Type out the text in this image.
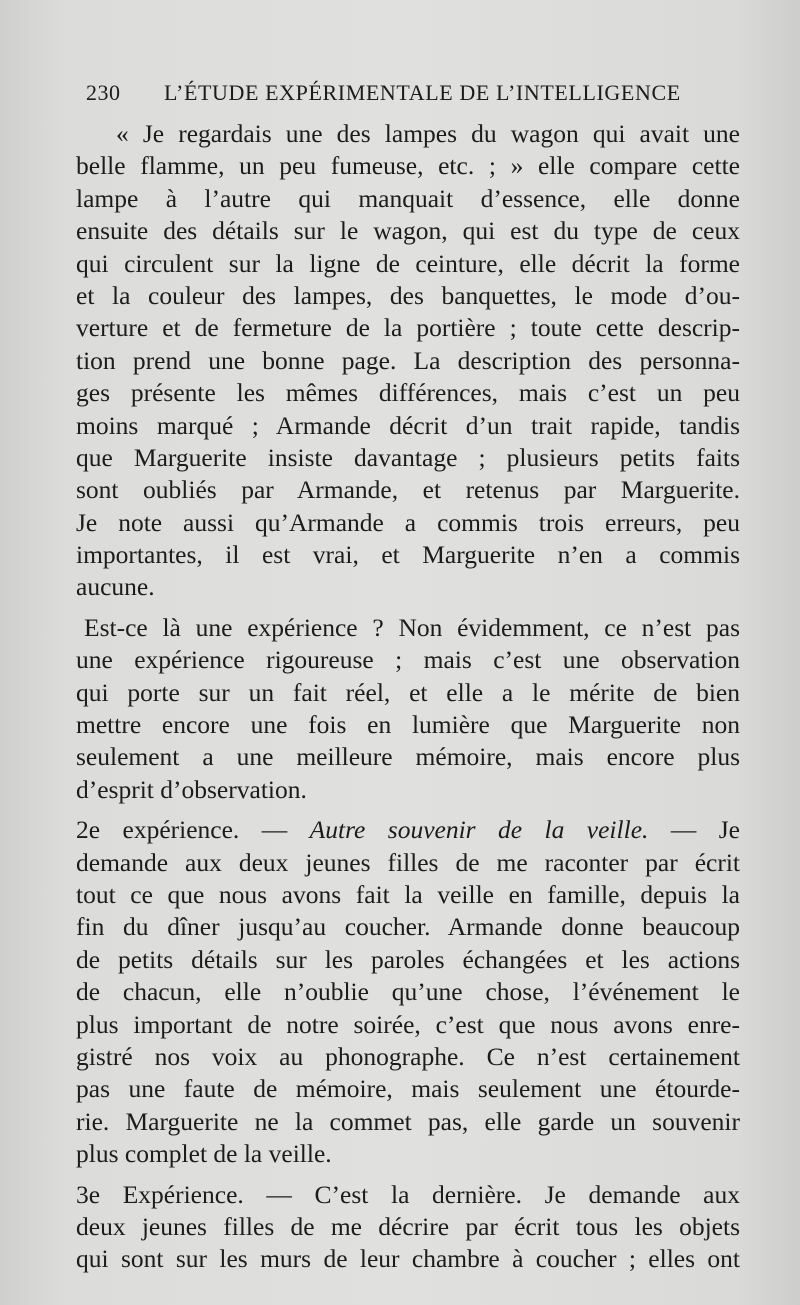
230 L’ÉTUDE EXPÉRIMENTALE DE L’INTELLIGENCE
« Je regardais une des lampes du wagon qui avait une
belle flamme, un peu fumeuse, etc. ; » elle compare cette
lampe à l’autre qui manquait d’essence, elle donne
ensuite des détails sur le wagon, qui est du type de ceux
qui circulent sur la ligne de ceinture, elle décrit la forme
et la couleur des lampes, des banquettes, le mode d’ou-
verture et de fermeture de la portière ; toute cette descrip-
tion prend une bonne page. La description des personna-
ges présente les mêmes différences, mais c’est un peu
moins marqué ; Armande décrit d’un trait rapide, tandis
que Marguerite insiste davantage ; plusieurs petits faits
sont oubliés par Armande, et retenus par Marguerite.
Je note aussi qu’Armande a commis trois erreurs, peu
importantes, il est vrai, et Marguerite n’en a commis
aucune.
Est-ce là une expérience ? Non évidemment, ce n’est pas
une expérience rigoureuse ; mais c’est une observation
qui porte sur un fait réel, et elle a le mérite de bien
mettre encore une fois en lumière que Marguerite non
seulement a une meilleure mémoire, mais encore plus
d’esprit d’observation.
2e expérience. — Autre souvenir de la veille. — Je
demande aux deux jeunes filles de me raconter par écrit
tout ce que nous avons fait la veille en famille, depuis la
fin du dîner jusqu’au coucher. Armande donne beaucoup
de petits détails sur les paroles échangées et les actions
de chacun, elle n’oublie qu’une chose, l’événement le
plus important de notre soirée, c’est que nous avons enre-
gistré nos voix au phonographe. Ce n’est certainement
pas une faute de mémoire, mais seulement une étourde-
rie. Marguerite ne la commet pas, elle garde un souvenir
plus complet de la veille.
3e Expérience. — C’est la dernière. Je demande aux
deux jeunes filles de me décrire par écrit tous les objets
qui sont sur les murs de leur chambre à coucher ; elles ont
